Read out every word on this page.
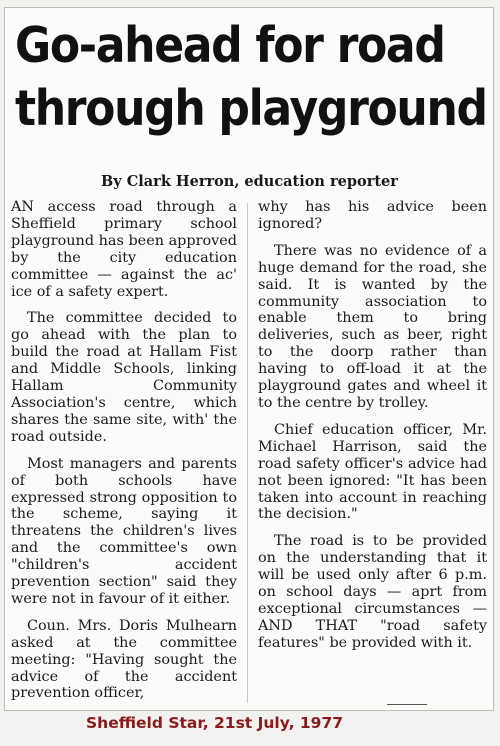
Go-ahead for road
through playground
By Clark Herron, education reporter

AN access road through a Sheffield primary school playground has been approved by the city education committee — against the ac' ice of a safety expert.

The committee decided to go ahead with the plan to build the road at Hallam Fist and Middle Schools, linking Hallam Community Association's centre, which shares the same site, with' the road outside.

Most managers and parents of both schools have expressed strong opposition to the scheme, saying it threatens the children's lives and the committee's own "children's accident prevention section" said they were not in favour of it either.

Coun. Mrs. Doris Mulhearn asked at the committee meeting: "Having sought the advice of the accident prevention officer,

why has his advice been ignored?

There was no evidence of a huge demand for the road, she said. It is wanted by the community association to enable them to bring deliveries, such as beer, right to the doorp rather than having to off-load it at the playground gates and wheel it to the centre by trolley.

Chief education officer, Mr. Michael Harrison, said the road safety officer's advice had not been ignored: "It has been taken into account in reaching the decision."

The road is to be provided on the understanding that it will be used only after 6 p.m. on school days — aprt from exceptional circumstances — AND THAT "road safety features" be provided with it.

Sheffield Star, 21st July, 1977
